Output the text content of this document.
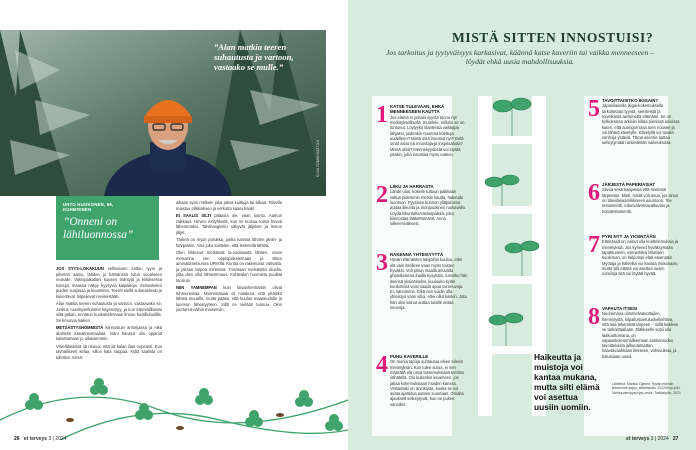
”Alan matkia teeren suhautusta ja vartoon, vastaako se mulle.”
KUVA TOMMI MATTILA
UNTO HUOKONEN, 69,
KUHMOINEN
”Onneni on lähiluonnossa”

JOS SYYS-LOKAKUUN vehkeseen sattuu tyyni ja pilvetön aamu, lähden jo hämärissä tutun suoalueen reunalle. Vakiopaikallani kuusen mäntyjä ja kiiluksessa koivuja, maassa näkyy kyysyvia kaipaiiloja. Seisoskelen puiden suojassa ja kuuntelen. Teeret siellä suhautelevat ja kukertavat, kilpailevat reviireistään.

Alan matkia teeren suhautusta ja vartoon, vastaavako se. Joskus ruovikysellomme käynnistyy, ja kun kärevälillaessi siitä jatkan, ennätun huokuttelemaan linnun huolilluhoillile. Se kruunaa kaiken.

METSÄSTYSHÖMMISTÄ kiinnostuin armeijassa ja nikä aloittelin kanalintumaaliaa. Isäni kanssa olin oppinut kalastamaan jo aikaisemmin.

Viiveliläisessä iiä neuvoi, että iiä kalan ilian nopeasti. Kun tavhalliseeti kelaa, sillon kala nappaa. Kyllä saalista on tullotlon. Kesä-

aikaan syön melkein joka päivä kuitkuja tai siikaa. Talvella maistuu pilkkiahven ja verkotta saatu haukl.

EI SAALIS SILTI pääasia ole, vaan luonto. Aamun raikkaus. Hirven mölyhkeitä, kun se kutsuu toista hirveä lähemmäksi. Talvihanginkin näkyvät jäljelset ja lenton jäljet.

Tärkeä on myös porukka, jonka kanssa lähden jäniin- ja hirvijahtiin. Aina joku soittelee, että lenkeellä lähteä.

Olen liikkunut metsässä ta-vuotiaasta lähtien, ensin metsurina sen oppiopiskelemaan ja sitten ammattimetsurina UPM:llä. Kuntta on rakentunut vahvalta, ja jaksan tarpoa metsissä. Toisinaan metsästän aluella, jolta olen ollut lähtiemmaus. Kohteiden huomista puolitat taorruin.

NIIN YAMNEMPAN kuin laivanhermattiin olivat tuhmuneisaa. Nooremasiaa oli maalesa, että pitäiskö lähteä muualle, mutta päätin, että kuulun maaseudulle ja luonnon läheisyyteen. Sillä ne vielään tunnuu. Olen juurtunut näihin maisemiin.

26 et terveys 3 | 2024
MISTÄ SITTEN INNOSTUISI?
Jos tarkoitus ja tyytyväisyys karkasivat, käännä katse kaveriin tai vaikka menneeseen – löydät ehkä uusia mahdollisuuksia.
1 KATSE TULEVAAN, EHKÄ MENNEESEEN KAUTTA
Jos elämä ei jostain syystä tunnu nyt merkityksellisellä, mutelele, millolin se on tuntunut. Löytyykö tilanteista vaikkapa lahjaksi, joidenkin nuorena koettuja uudelleen? Mistä sinä innostut nyt? Entä omat asiat vai innostaja-ja inspiraatiota? Missä olisit? Mennekyydestä voi löytää jotakin, joka innostaa myös uuteen.
2 LIIKU JA HARRASTA
Lähde ulos, kokeile tuttuun paikkaan valtua pidemmin metsin kautta, hakeudu luontoon. Fyysisen kunnon ylläpidossa auttaa liikunta ja monipuolinen ruokavalio. Löydä liikuntaharrastuspaikka, joka kiinnostaa lääkettömänä. Anna silleneniväksesi.
3 RAKENNA YHTEISYYTTÄ
Hyvän elämänten tekijöihin kuuluu, ettei elä vain itselleen vaan myös toisten hyväksi. Voit pikun maalla asuvalta ghanalaisena ihailla kysyttäin, tunsitko hän itsensä yksinäiseksi, kuuluuko kylän kuulumisia voisi saada apua tai neuvoja. Ei, sanoimme. Eikä nen voidin olla yhteistyö vaan silloi, ettei ollut kaskin. Jota hän olisi vainut auttaa toisille antaa neuvoja.
4 PUHU KAVERILLE
On monia tapoja suhtautua eleen tulevin menetyksiin. Kun tulee surua, ei sen määrällä elä omia tuntemuksiaan tarvitse vähätellä. Olo kuitenkin keveneen, jos jakaa kokemuksiaan muiden kanssa. Vertaistuki on arvokasta, koska se voi avata ajattelua uuteen suuntaan. Omalta ajaukselt selkeytyvät, kun ne pukee sanoiksi.
5 TAVOITTAISITKO IKIGAIN?
Japanilaisella ikigai-kokemuksella tarkoitetaan tyyntä, seesteistä ja toiveikasta awnenetta elämään. Se on kytkoksissa arkisiin kiltaa pienissä asioissa kuten, että auringon lasa tuen nousee ja voi lähteä kävelylle. Kävelyllä voi tavata vanhoja ystäviä. Tämä asenne auttaa selviytymään arkielämän vaikeuksista.
6 JÄRJESTÄ PAPERIASIAT
Siivoa sekä kaapeista että mielestä tarpeeton. Mieti, mistä voit asua, jos sinun on tilaviilasaarnikkiseen asuntoon. Tee testamentti, edunvalvontavaltuutus ja hoitotestamentti.
7 PYRI NYT JA YKSINTÄÄN
Elämässä on voinut olla koettelemuksia ja menetyksiä. Jos kyhenet hyväksymään tapahtuneen, esimerkiksi läheisen kuoleman, on helpompi elää eteenpäin. Myötaja ja halvelka voi kantaa mukanaan, mutta silti elämä voi asettua uusiin uomiinja sitä voi löytää hyvää.
8 VAPAUTA ITSESI
Nuoremana olimmelvatuottajien, hienestystä, kilpailustoetuluokelleihtiva, että saa tekemistä tarpeen – niillä kaikkee se tarkoittaakaan. Eläkkeelle sopii olla laakuuttomana, on vapauskolemmalleemaan sankarouden tavoitteloista jalkuutamattan, haastavaahkaan ilmiseen, vahvuuksia, ja haluisiaan uusia.
Haikeutta ja muistoja voi kantaa mukana, mutta silti elämä voi asettua uusiin uomiin.
Lähteinä: Markku Ojanen: Hyvän elämän tekomonie-pejus, sittäimsidio, 2022/Kirja julkl. Vanhuuden/pysyvyys-muut, Tarkkatyöin, 2021
et terveys 3 | 2024 27
